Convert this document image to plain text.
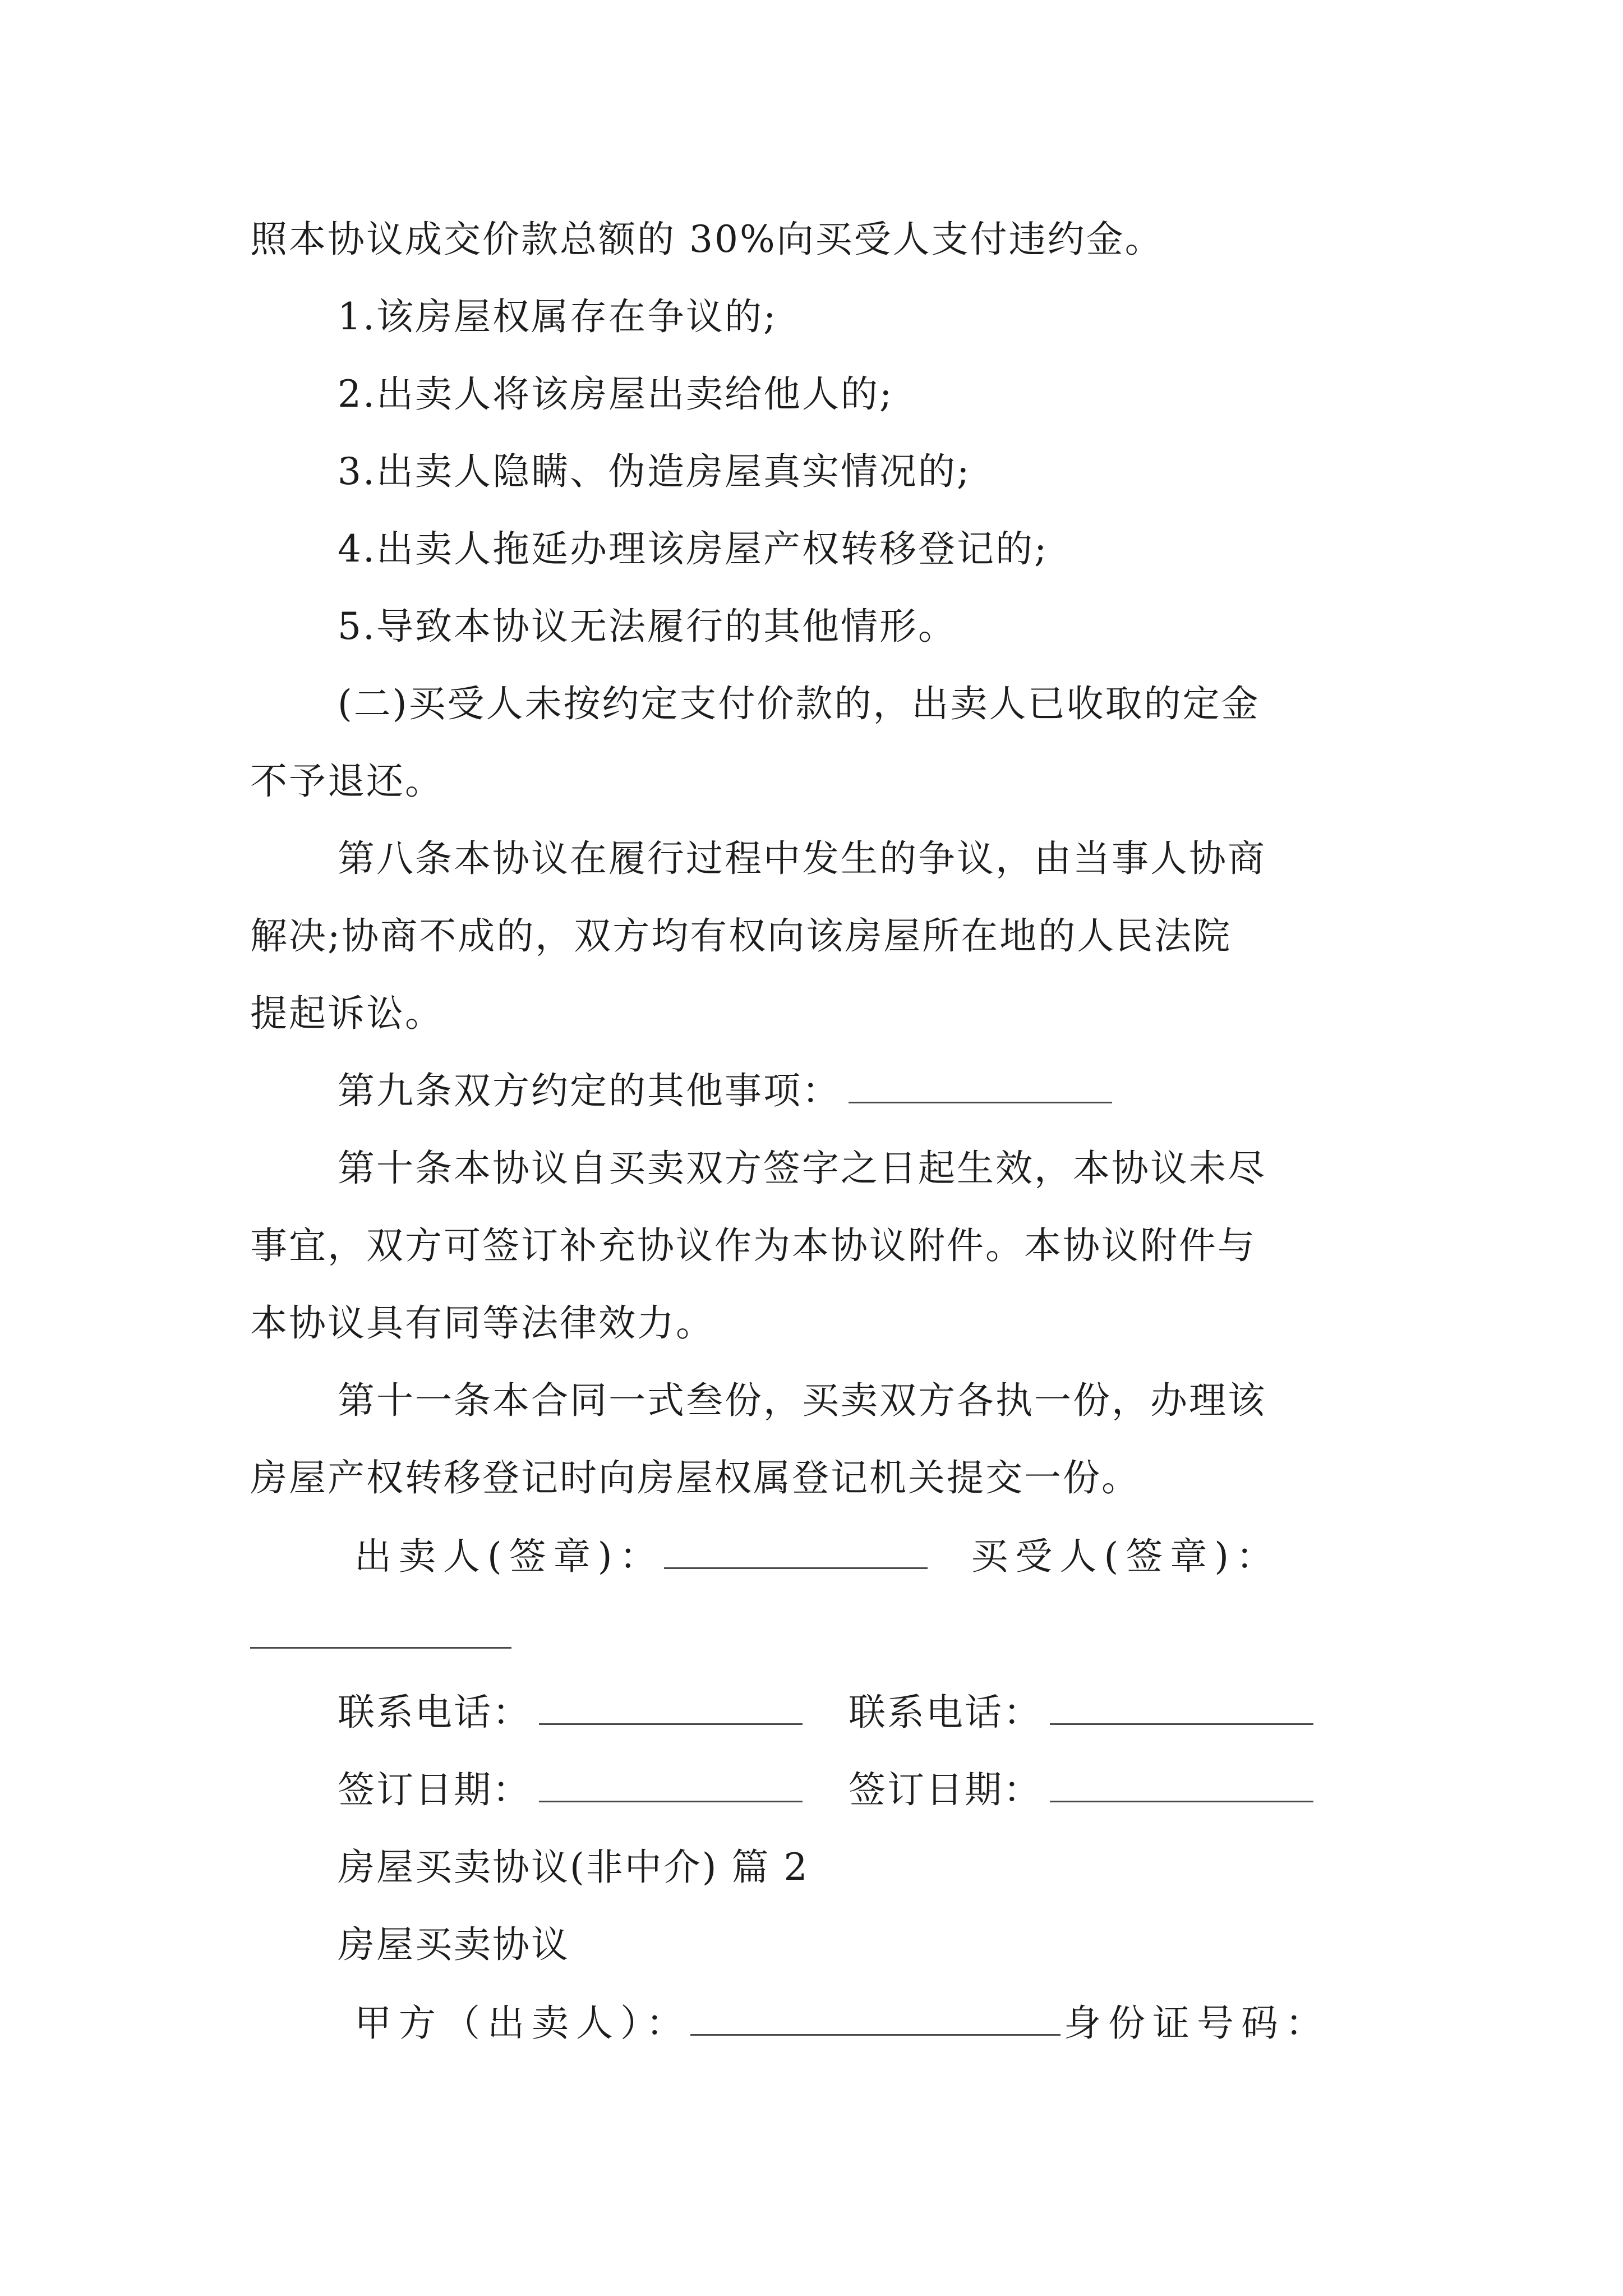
照本协议成交价款总额的 30%向买受人支付违约金。
1.该房屋权属存在争议的;
2.出卖人将该房屋出卖给他人的;
3.出卖人隐瞒、伪造房屋真实情况的;
4.出卖人拖延办理该房屋产权转移登记的;
5.导致本协议无法履行的其他情形。
(二)买受人未按约定支付价款的，出卖人已收取的定金
不予退还。
第八条本协议在履行过程中发生的争议，由当事人协商
解决;协商不成的，双方均有权向该房屋所在地的人民法院
提起诉讼。
第九条双方约定的其他事项：
第十条本协议自买卖双方签字之日起生效，本协议未尽
事宜，双方可签订补充协议作为本协议附件。本协议附件与
本协议具有同等法律效力。
第十一条本合同一式叁份，买卖双方各执一份，办理该
房屋产权转移登记时向房屋权属登记机关提交一份。
出卖人(签章)：	买受人(签章)：
联系电话：	联系电话：
签订日期：	签订日期：
房屋买卖协议(非中介) 篇 2
房屋买卖协议
甲方（出卖人）：	身份证号码：
